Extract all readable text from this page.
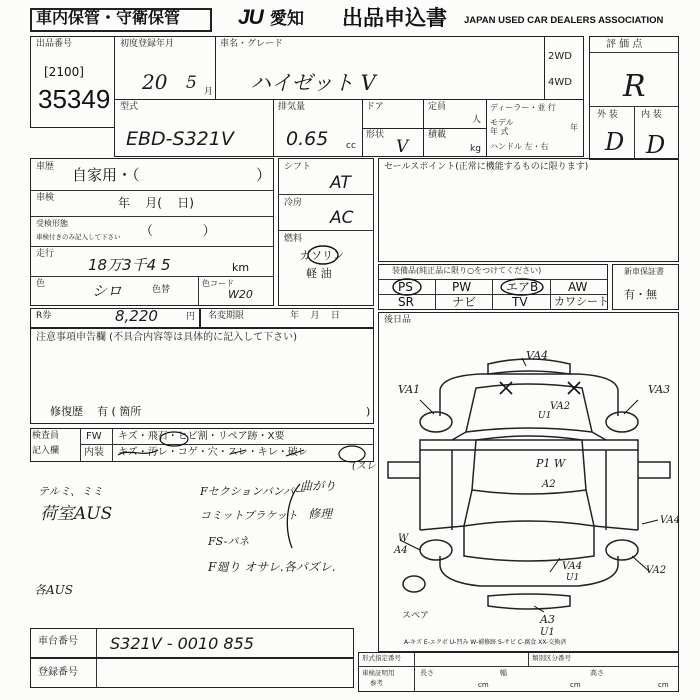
車内保管・守衛保管	JU 愛知 出品申込書 JAPAN USED CAR DEALERS ASSOCIATION
出品番号
[2100]
35349
初度登録年月
20 5 月
車名・グレード
ハイゼット V
2WD
4WD
評 価 点
R
外 装	内 装
D D
型式
EBD-S321V
排気量
0.65 cc
ドア
形状
V
定員
人
積載
kg
ディーラー・並 行
モデル
年 式	年
ハンドル 左・右
車歴 自家用・（	）
車検	年    月(    日)
受検形態
車検付きのみ記入して下さい （            ）
走行
18万3千4 5	km
色	シロ	色替
色コード
W20
シフト
AT
冷房
AC
燃料
ガソリン
軽 油
セールスポイント(正常に機能するものに限ります)
装備品(純正品に限り○をつけてください)
PS	PW	エアB AW
SR	ナビ	TV カワシート
新車保証書
有・無
R券	8,220	円 名変期限	年    月    日
注意事項申告欄 (不具合内容等は具体的に記入して下さい)
修復歴    有 ( 箇所	)
後日品
検査員
記入欄
FW キズ・飛石・ヒビ割・リペア跡・X要
内装 キズ・汚レ・コゲ・穴・スレ・キレ・破レ
(スレ
テルミ、ミミ
荷室AUS
Fセクションバンパー
コミットブラケット
FS-パネ
曲がり
修理
F廻り オサレ.各パズレ.
各AUS
VA4
VA1	VA3
VA2
U1
P1 W
A2
VA4
W
A4
VA4
U1
VA2
A3
U1
スペア
A-キズ E-エクボ U-凹み W-補修跡 S-サビ C-腐食 XX-交換済
車台番号 S321V - 0010 855
登録番号
形式指定番号	類別区分番号
車検証明用
参考
長さ
cm
幅
cm
高さ
cm
